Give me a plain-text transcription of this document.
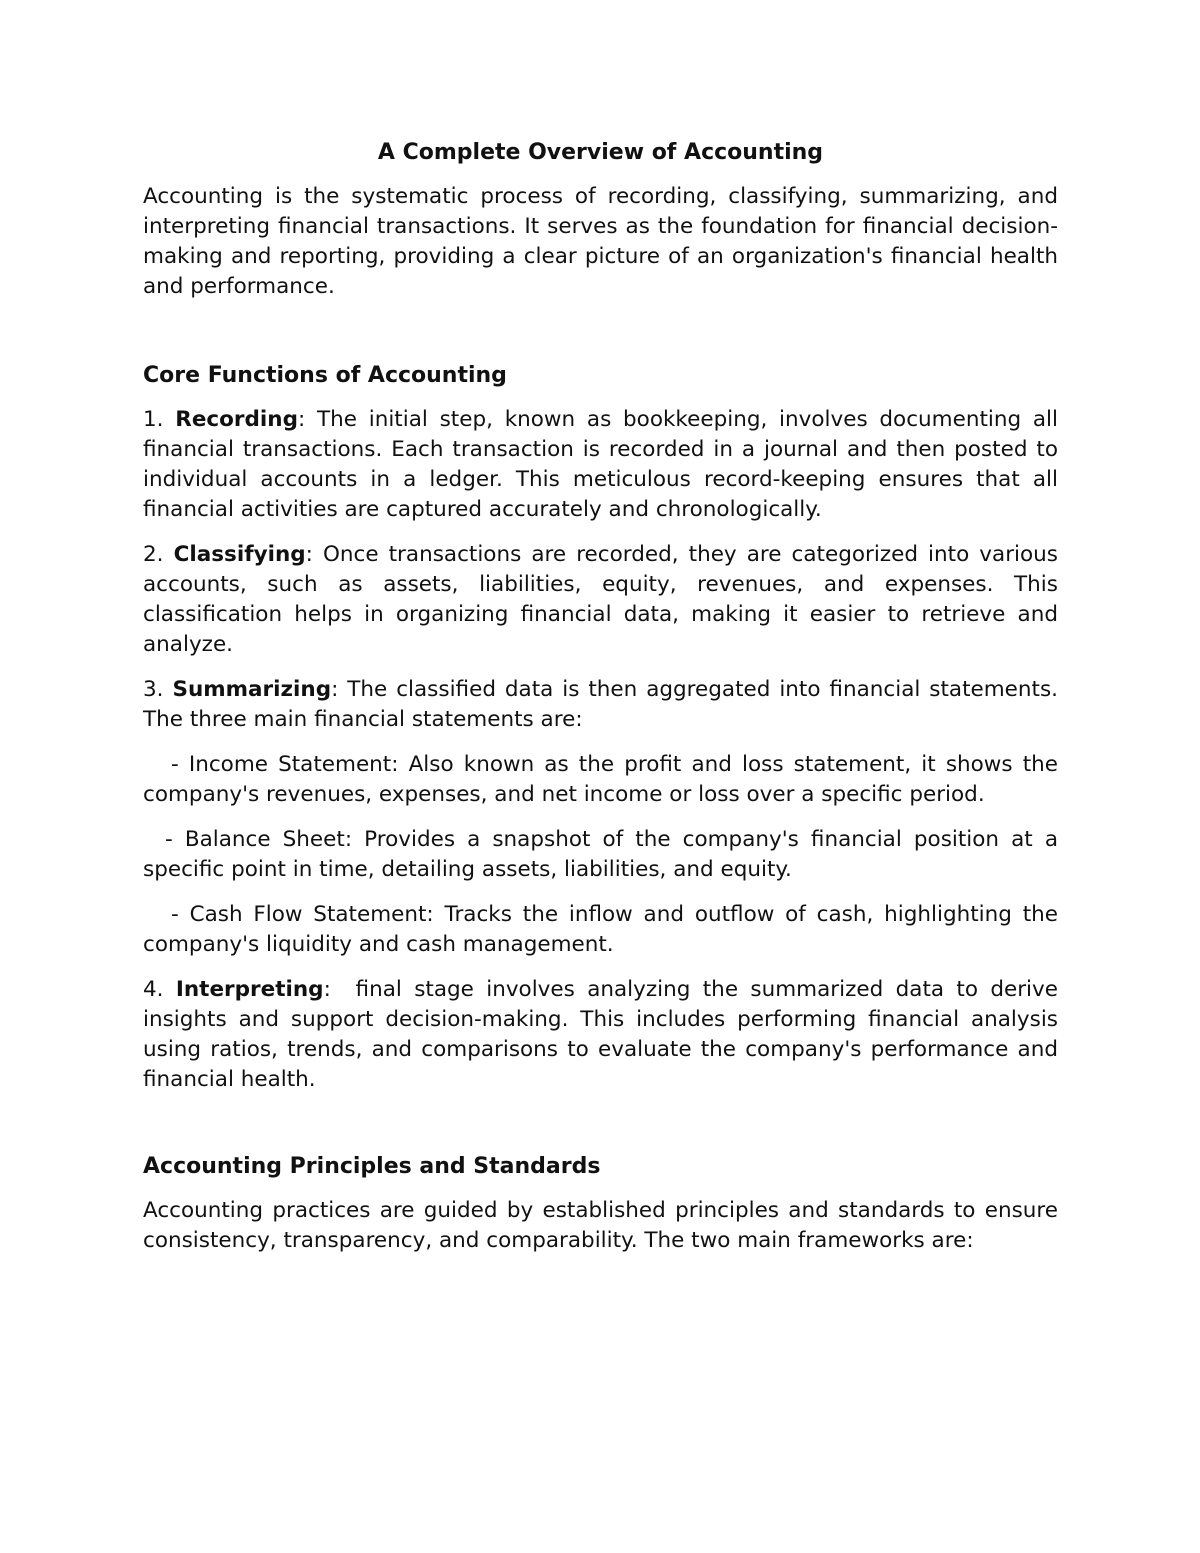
A Complete Overview of Accounting

Accounting is the systematic process of recording, classifying, summarizing, and interpreting financial transactions. It serves as the foundation for financial decision-making and reporting, providing a clear picture of an organization's financial health and performance.

Core Functions of Accounting

1. Recording: The initial step, known as bookkeeping, involves documenting all financial transactions. Each transaction is recorded in a journal and then posted to individual accounts in a ledger. This meticulous record-keeping ensures that all financial activities are captured accurately and chronologically.

2. Classifying: Once transactions are recorded, they are categorized into various accounts, such as assets, liabilities, equity, revenues, and expenses. This classification helps in organizing financial data, making it easier to retrieve and analyze.

3. Summarizing: The classified data is then aggregated into financial statements. The three main financial statements are:

- Income Statement: Also known as the profit and loss statement, it shows the company's revenues, expenses, and net income or loss over a specific period.

- Balance Sheet: Provides a snapshot of the company's financial position at a specific point in time, detailing assets, liabilities, and equity.

- Cash Flow Statement: Tracks the inflow and outflow of cash, highlighting the company's liquidity and cash management.

4. Interpreting:  final stage involves analyzing the summarized data to derive insights and support decision-making. This includes performing financial analysis using ratios, trends, and comparisons to evaluate the company's performance and financial health.

Accounting Principles and Standards

Accounting practices are guided by established principles and standards to ensure consistency, transparency, and comparability. The two main frameworks are:
